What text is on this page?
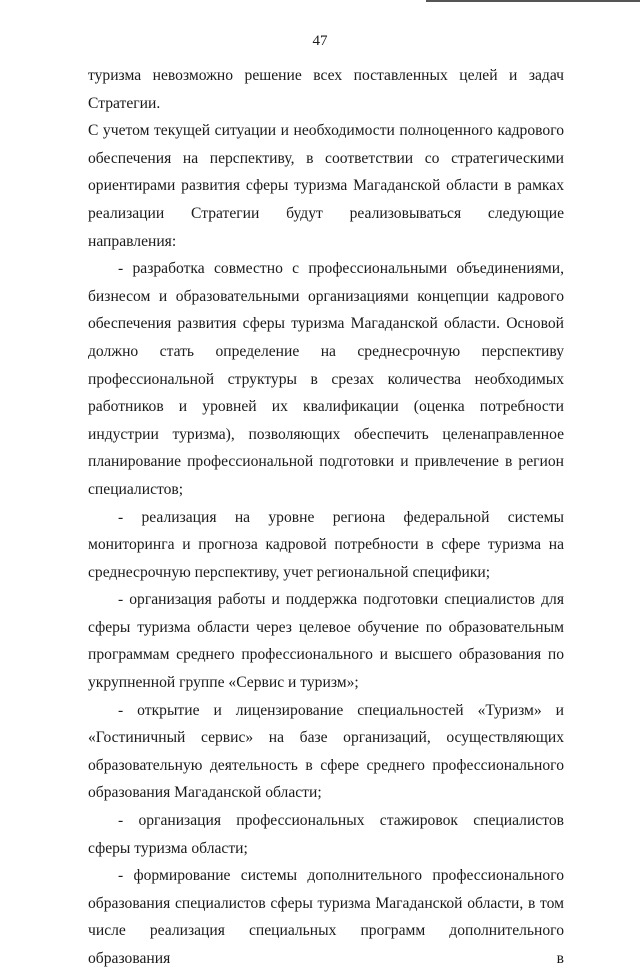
47

туризма невозможно решение всех поставленных целей и задач Стратегии.

С учетом текущей ситуации и необходимости полноценного кадрового обеспечения на перспективу, в соответствии со стратегическими ориентирами развития сферы туризма Магаданской области в рамках реализации Стратегии будут реализовываться следующие направления:

- разработка совместно с профессиональными объединениями, бизнесом и образовательными организациями концепции кадрового обеспечения развития сферы туризма Магаданской области. Основой должно стать определение на среднесрочную перспективу профессиональной структуры в срезах количества необходимых работников и уровней их квалификации (оценка потребности индустрии туризма), позволяющих обеспечить целенаправленное планирование профессиональной подготовки и привлечение в регион специалистов;

- реализация на уровне региона федеральной системы мониторинга и прогноза кадровой потребности в сфере туризма на среднесрочную перспективу, учет региональной специфики;

- организация работы и поддержка подготовки специалистов для сферы туризма области через целевое обучение по образовательным программам среднего профессионального и высшего образования по укрупненной группе «Сервис и туризм»;

- открытие и лицензирование специальностей «Туризм» и «Гостиничный сервис» на базе организаций, осуществляющих образовательную деятельность в сфере среднего профессионального образования Магаданской области;

- организация профессиональных стажировок специалистов сферы туризма области;

- формирование системы дополнительного профессионального образования специалистов сферы туризма Магаданской области, в том числе реализация специальных программ дополнительного образования в
